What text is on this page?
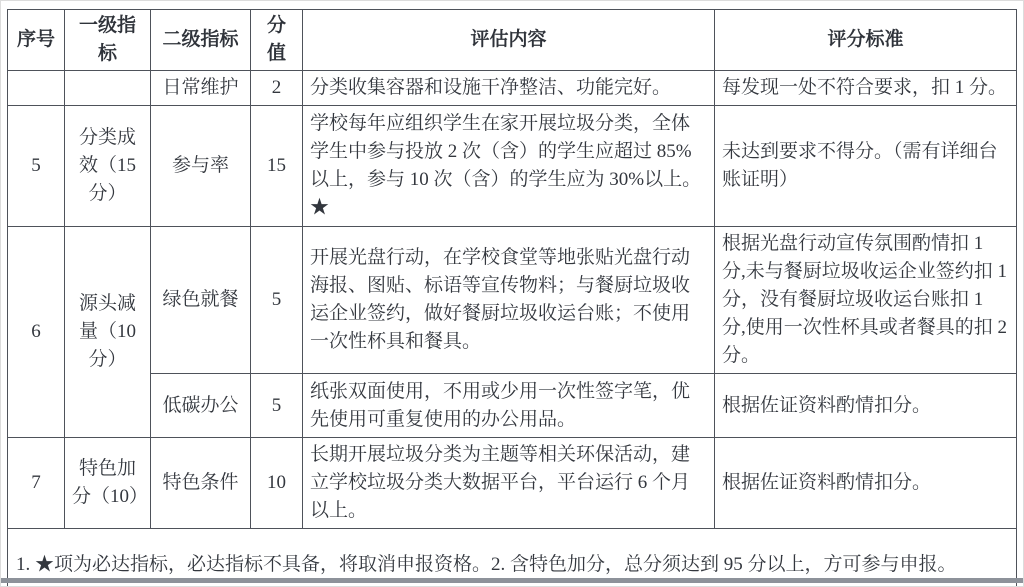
序号	一级指标	二级指标	分值	评估内容	评分标准
		日常维护	2	分类收集容器和设施干净整洁、功能完好。	每发现一处不符合要求，扣 1 分。
5	分类成效（15分）	参与率	15	学校每年应组织学生在家开展垃圾分类，全体学生中参与投放 2 次（含）的学生应超过 85%以上，参与 10 次（含）的学生应为 30%以上。★	未达到要求不得分。（需有详细台账证明）
6	源头减量（10分）	绿色就餐	5	开展光盘行动，在学校食堂等地张贴光盘行动海报、图贴、标语等宣传物料；与餐厨垃圾收运企业签约，做好餐厨垃圾收运台账；不使用一次性杯具和餐具。	根据光盘行动宣传氛围酌情扣 1 分,未与餐厨垃圾收运企业签约扣 1 分，没有餐厨垃圾收运台账扣 1 分,使用一次性杯具或者餐具的扣 2 分。
		低碳办公	5	纸张双面使用，不用或少用一次性签字笔，优先使用可重复使用的办公用品。	根据佐证资料酌情扣分。
7	特色加分（10）	特色条件	10	长期开展垃圾分类为主题等相关环保活动，建立学校垃圾分类大数据平台，平台运行 6 个月以上。	根据佐证资料酌情扣分。
1. ★项为必达指标，必达指标不具备，将取消申报资格。2. 含特色加分，总分须达到 95 分以上，方可参与申报。					
